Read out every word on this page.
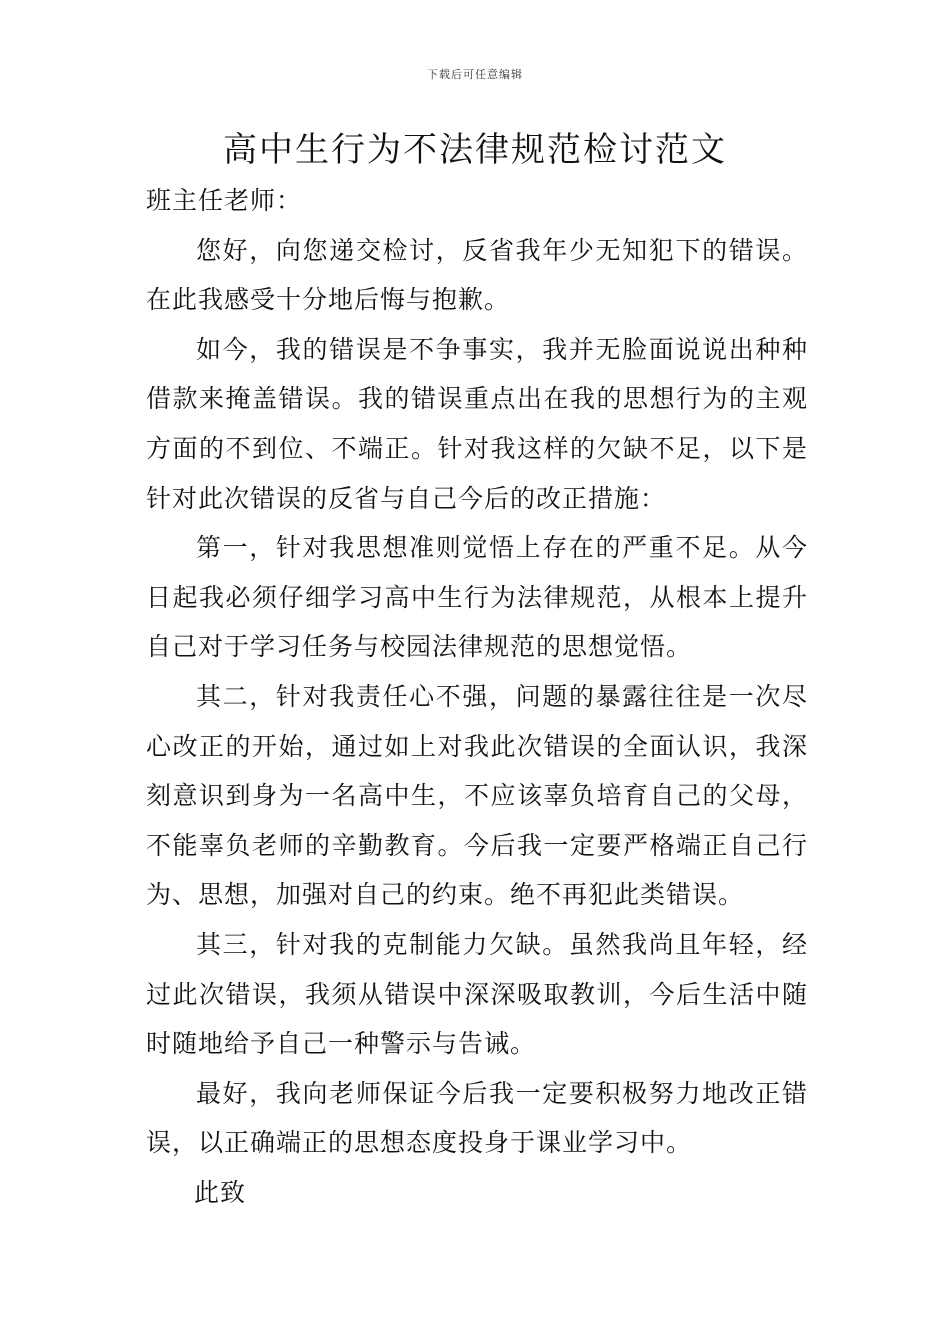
下载后可任意编辑
高中生行为不法律规范检讨范文

班主任老师：

您好，向您递交检讨，反省我年少无知犯下的错误。在此我感受十分地后悔与抱歉。

如今，我的错误是不争事实，我并无脸面说说出种种借款来掩盖错误。我的错误重点出在我的思想行为的主观方面的不到位、不端正。针对我这样的欠缺不足，以下是针对此次错误的反省与自己今后的改正措施：

第一，针对我思想准则觉悟上存在的严重不足。从今日起我必须仔细学习高中生行为法律规范，从根本上提升自己对于学习任务与校园法律规范的思想觉悟。

其二，针对我责任心不强，问题的暴露往往是一次尽心改正的开始，通过如上对我此次错误的全面认识，我深刻意识到身为一名高中生，不应该辜负培育自己的父母，不能辜负老师的辛勤教育。今后我一定要严格端正自己行为、思想，加强对自己的约束。绝不再犯此类错误。

其三，针对我的克制能力欠缺。虽然我尚且年轻，经过此次错误，我须从错误中深深吸取教训，今后生活中随时随地给予自己一种警示与告诫。

最好，我向老师保证今后我一定要积极努力地改正错误，以正确端正的思想态度投身于课业学习中。

此致
